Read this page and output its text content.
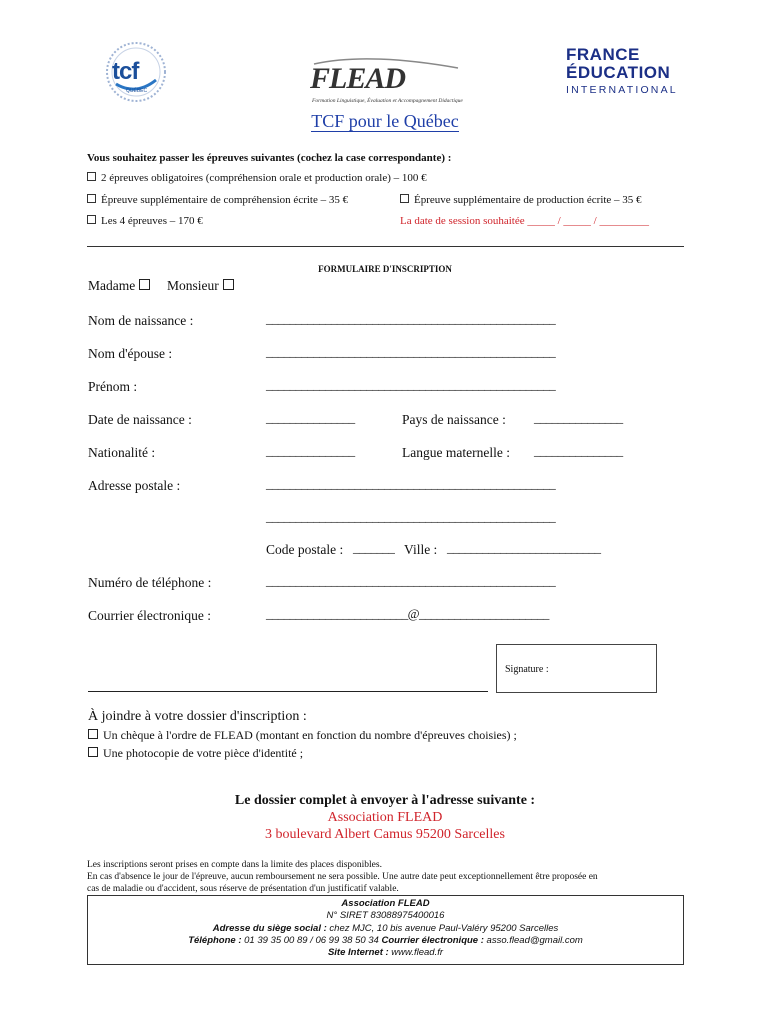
tcf
QUÉBEC	FLEAD
Formation Linguistique, Évaluation et Accompagnement Didactique
FRANCE
ÉDUCATION
INTERNATIONAL
TCF pour le Québec
Vous souhaitez passer les épreuves suivantes (cochez la case correspondante) :
2 épreuves obligatoires (compréhension orale et production orale) – 100 €
Épreuve supplémentaire de compréhension écrite – 35 €	Épreuve supplémentaire de production écrite – 35 €
Les 4 épreuves – 170 €	La date de session souhaitée _____ / _____ / _________
FORMULAIRE D'INSCRIPTION
Madame	Monsieur
Nom de naissance :	_________________________________________________
Nom d'épouse :	_________________________________________________
Prénom :	_________________________________________________
Date de naissance :	_______________	Pays de naissance : _______________
Nationalité :	_______________	Langue maternelle : _______________
Adresse postale :	_________________________________________________
_________________________________________________
Code postale : _______ Ville : __________________________
Numéro de téléphone :	_________________________________________________
Courrier électronique :	________________________@______________________
Signature :
À joindre à votre dossier d'inscription :
Un chèque à l'ordre de FLEAD (montant en fonction du nombre d'épreuves choisies) ;
Une photocopie de votre pièce d'identité ;
Le dossier complet à envoyer à l'adresse suivante :
Association FLEAD
3 boulevard Albert Camus 95200 Sarcelles
Les inscriptions seront prises en compte dans la limite des places disponibles.
En cas d'absence le jour de l'épreuve, aucun remboursement ne sera possible. Une autre date peut exceptionnellement être proposée en
cas de maladie ou d'accident, sous réserve de présentation d'un justificatif valable.
Association FLEAD
N° SIRET 83088975400016
Adresse du siège social : chez MJC, 10 bis avenue Paul-Valéry 95200 Sarcelles
Téléphone : 01 39 35 00 89 / 06 99 38 50 34 Courrier électronique : asso.flead@gmail.com
Site Internet : www.flead.fr
